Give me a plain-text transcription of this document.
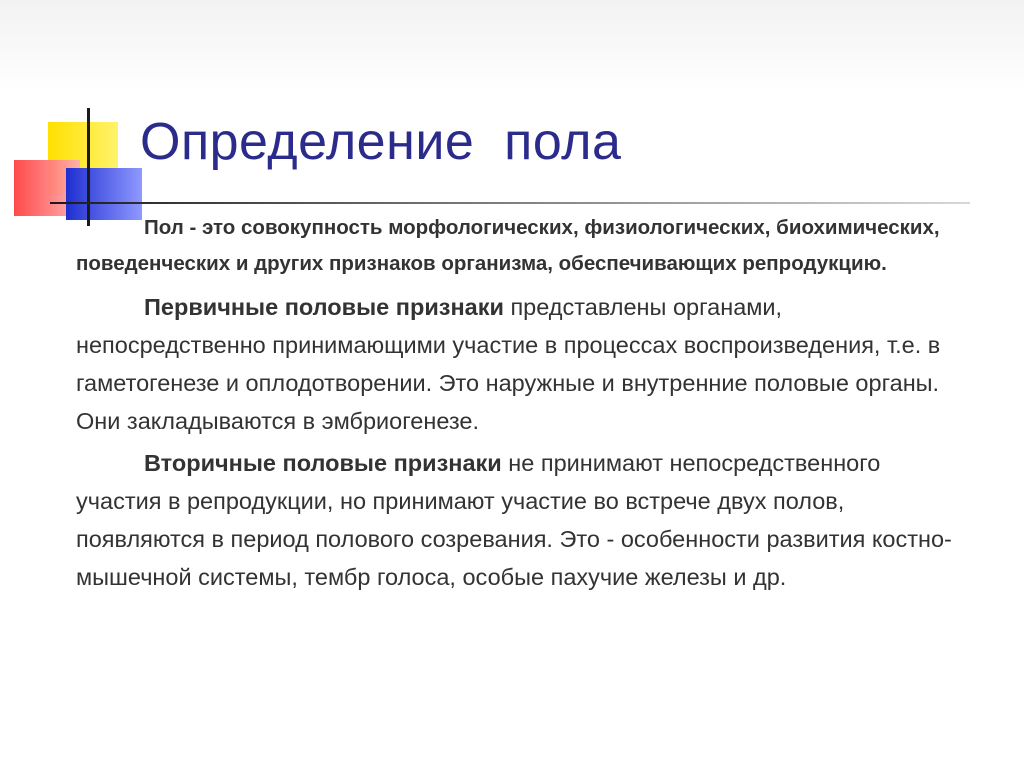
Определение  пола

Пол - это совокупность морфологических, физиологических, биохимических, поведенческих и других признаков организма, обеспечивающих репродукцию.

Первичные половые признаки представлены органами, непосредственно принимающими участие в процессах воспроизведения, т.е. в гаметогенезе и оплодотворении. Это наружные и внутренние половые органы. Они закладываются в эмбриогенезе.

Вторичные половые признаки не принимают непосредственного участия в репродукции, но принимают участие во встрече двух полов, появляются в период полового созревания. Это - особенности развития костно-мышечной системы, тембр голоса, особые пахучие железы и др.
